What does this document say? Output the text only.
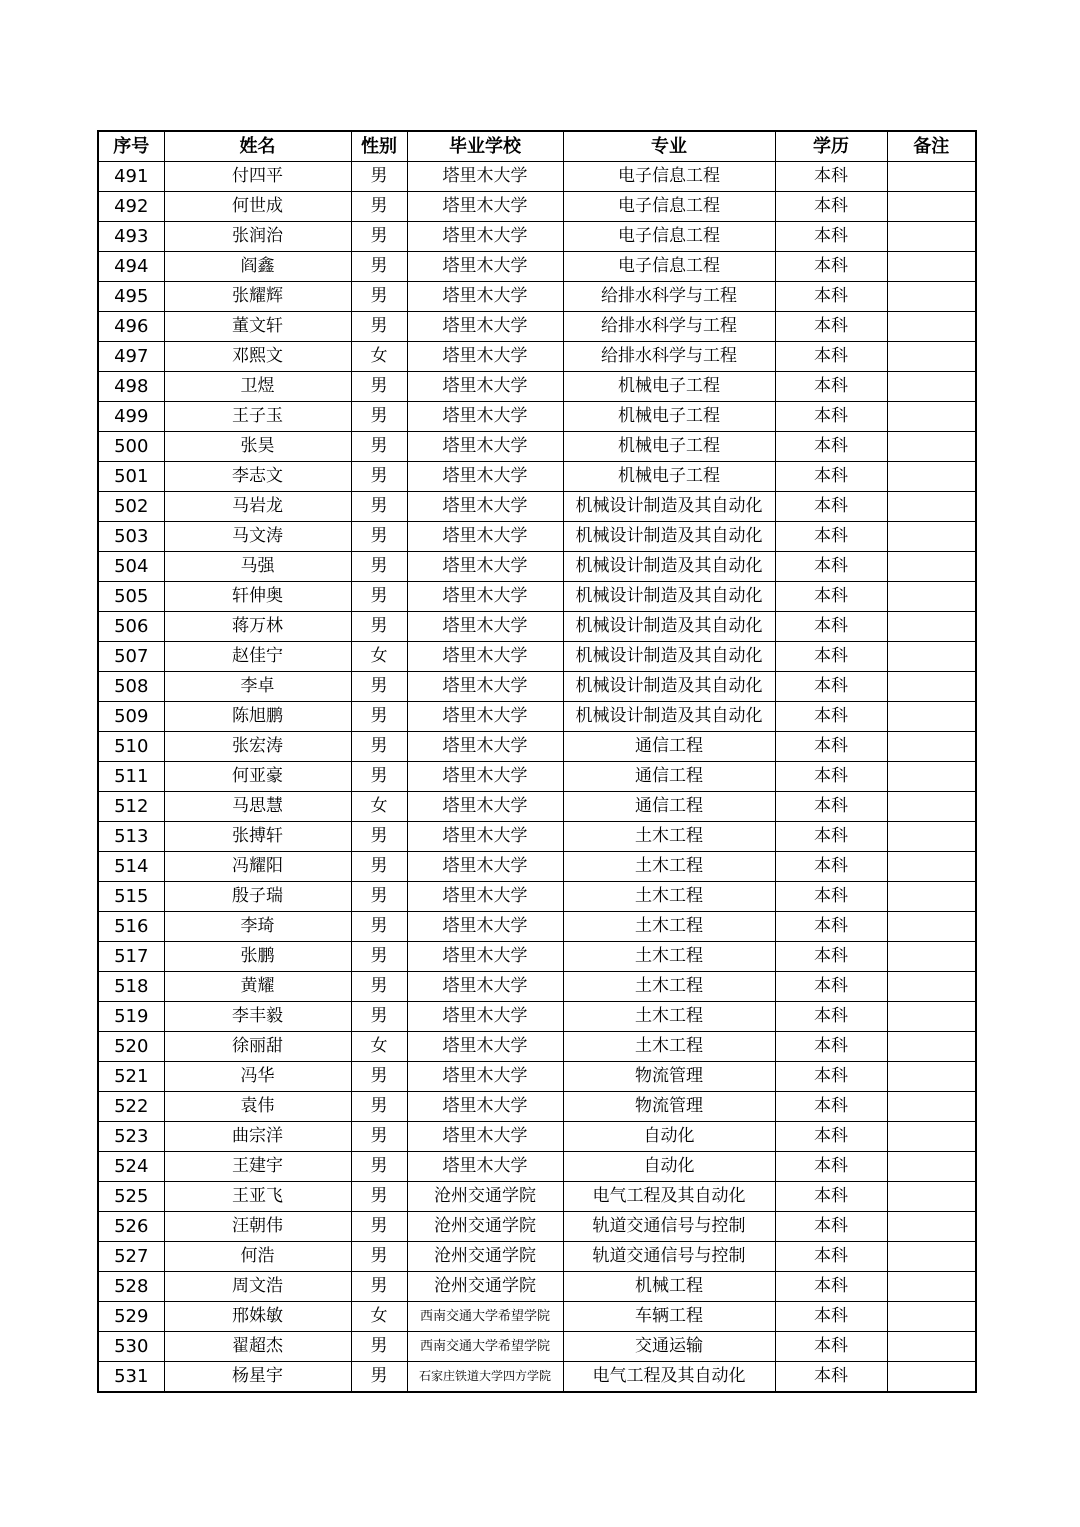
序号	姓名	性别	毕业学校	专业	学历	备注
491	付四平	男	塔里木大学	电子信息工程	本科	
492	何世成	男	塔里木大学	电子信息工程	本科	
493	张润治	男	塔里木大学	电子信息工程	本科	
494	阎鑫	男	塔里木大学	电子信息工程	本科	
495	张耀辉	男	塔里木大学	给排水科学与工程	本科	
496	董文轩	男	塔里木大学	给排水科学与工程	本科	
497	邓熙文	女	塔里木大学	给排水科学与工程	本科	
498	卫煜	男	塔里木大学	机械电子工程	本科	
499	王子玉	男	塔里木大学	机械电子工程	本科	
500	张昊	男	塔里木大学	机械电子工程	本科	
501	李志文	男	塔里木大学	机械电子工程	本科	
502	马岩龙	男	塔里木大学	机械设计制造及其自动化	本科	
503	马文涛	男	塔里木大学	机械设计制造及其自动化	本科	
504	马强	男	塔里木大学	机械设计制造及其自动化	本科	
505	轩伸奥	男	塔里木大学	机械设计制造及其自动化	本科	
506	蒋万林	男	塔里木大学	机械设计制造及其自动化	本科	
507	赵佳宁	女	塔里木大学	机械设计制造及其自动化	本科	
508	李卓	男	塔里木大学	机械设计制造及其自动化	本科	
509	陈旭鹏	男	塔里木大学	机械设计制造及其自动化	本科	
510	张宏涛	男	塔里木大学	通信工程	本科	
511	何亚豪	男	塔里木大学	通信工程	本科	
512	马思慧	女	塔里木大学	通信工程	本科	
513	张搏轩	男	塔里木大学	土木工程	本科	
514	冯耀阳	男	塔里木大学	土木工程	本科	
515	殷子瑞	男	塔里木大学	土木工程	本科	
516	李琦	男	塔里木大学	土木工程	本科	
517	张鹏	男	塔里木大学	土木工程	本科	
518	黄耀	男	塔里木大学	土木工程	本科	
519	李丰毅	男	塔里木大学	土木工程	本科	
520	徐丽甜	女	塔里木大学	土木工程	本科	
521	冯华	男	塔里木大学	物流管理	本科	
522	袁伟	男	塔里木大学	物流管理	本科	
523	曲宗洋	男	塔里木大学	自动化	本科	
524	王建宇	男	塔里木大学	自动化	本科	
525	王亚飞	男	沧州交通学院	电气工程及其自动化	本科	
526	汪朝伟	男	沧州交通学院	轨道交通信号与控制	本科	
527	何浩	男	沧州交通学院	轨道交通信号与控制	本科	
528	周文浩	男	沧州交通学院	机械工程	本科	
529	邢姝敏	女	西南交通大学希望学院	车辆工程	本科	
530	翟超杰	男	西南交通大学希望学院	交通运输	本科	
531	杨星宇	男	石家庄铁道大学四方学院	电气工程及其自动化	本科	
